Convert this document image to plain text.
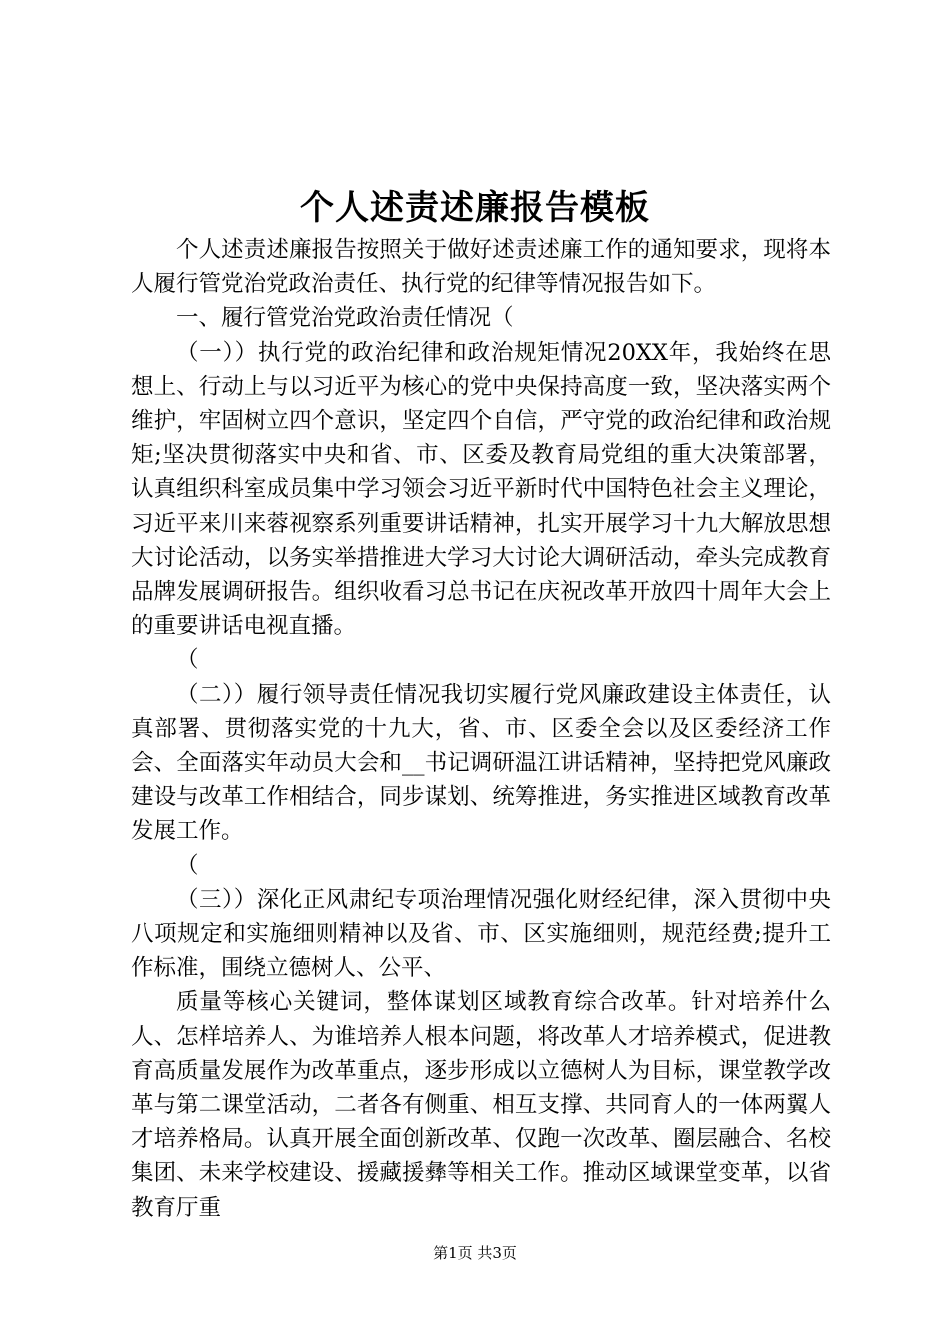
个人述责述廉报告模板

个人述责述廉报告按照关于做好述责述廉工作的通知要求，现将本人履行管党治党政治责任、执行党的纪律等情况报告如下。

一、履行管党治党政治责任情况（

（一））执行党的政治纪律和政治规矩情况20XX年，我始终在思想上、行动上与以习近平为核心的党中央保持高度一致，坚决落实两个维护，牢固树立四个意识，坚定四个自信，严守党的政治纪律和政治规矩;坚决贯彻落实中央和省、市、区委及教育局党组的重大决策部署，认真组织科室成员集中学习领会习近平新时代中国特色社会主义理论，习近平来川来蓉视察系列重要讲话精神，扎实开展学习十九大解放思想大讨论活动，以务实举措推进大学习大讨论大调研活动，牵头完成教育品牌发展调研报告。组织收看习总书记在庆祝改革开放四十周年大会上的重要讲话电视直播。

（

（二））履行领导责任情况我切实履行党风廉政建设主体责任，认真部署、贯彻落实党的十九大，省、市、区委全会以及区委经济工作会、全面落实年动员大会和__书记调研温江讲话精神，坚持把党风廉政建设与改革工作相结合，同步谋划、统筹推进，务实推进区域教育改革发展工作。

（

（三））深化正风肃纪专项治理情况强化财经纪律，深入贯彻中央八项规定和实施细则精神以及省、市、区实施细则，规范经费;提升工作标准，围绕立德树人、公平、

质量等核心关键词，整体谋划区域教育综合改革。针对培养什么人、怎样培养人、为谁培养人根本问题，将改革人才培养模式，促进教育高质量发展作为改革重点，逐步形成以立德树人为目标，课堂教学改革与第二课堂活动，二者各有侧重、相互支撑、共同育人的一体两翼人才培养格局。认真开展全面创新改革、仅跑一次改革、圈层融合、名校集团、未来学校建设、援藏援彝等相关工作。推动区域课堂变革，以省教育厅重

第1页 共3页
